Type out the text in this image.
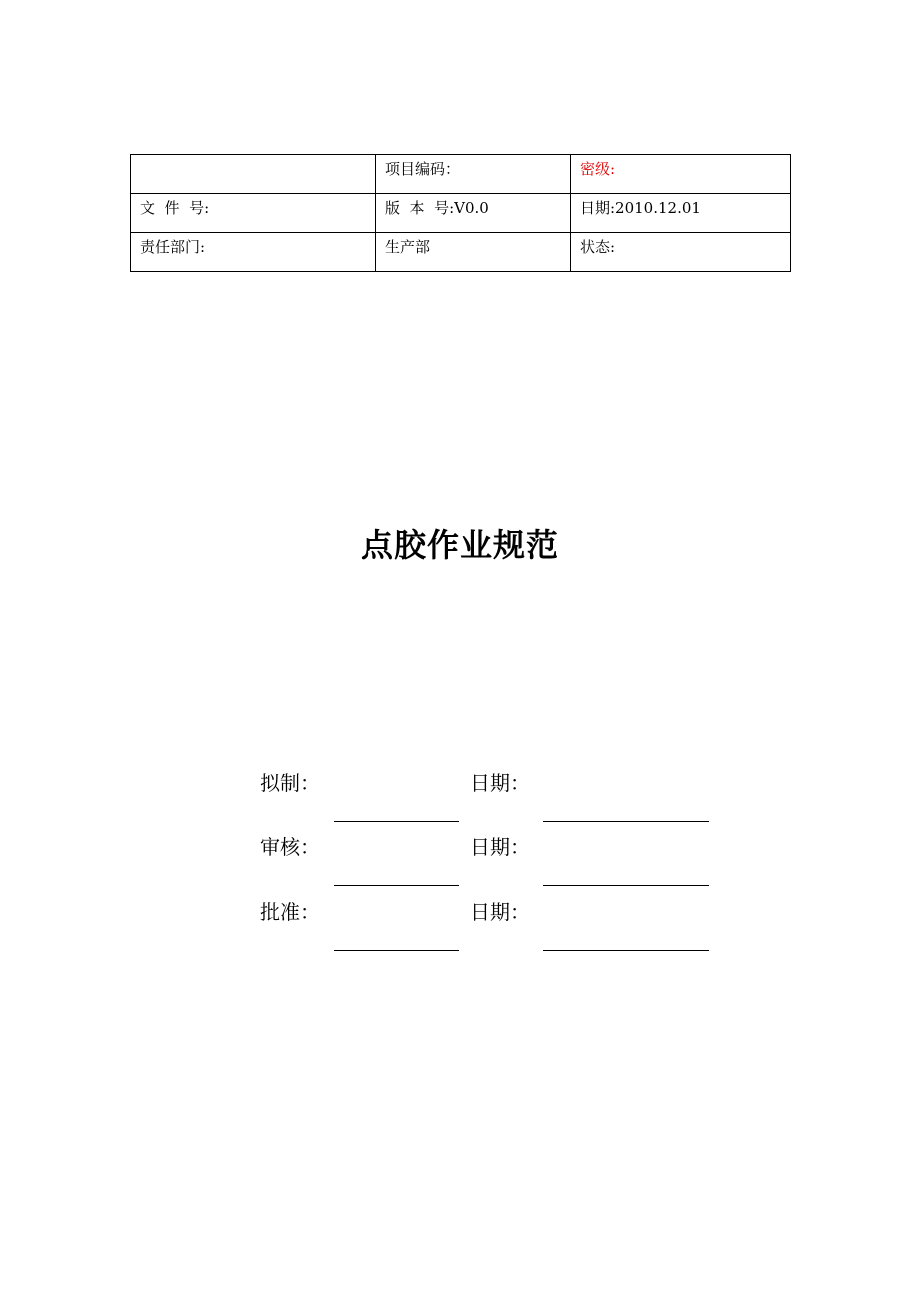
	项目编码：	密级:
文  件  号:	版  本  号:V0.0	日期:2010.12.01
责任部门:	生产部	状态:
点胶作业规范
拟制：	日期：
审核：	日期：
批准：	日期：
